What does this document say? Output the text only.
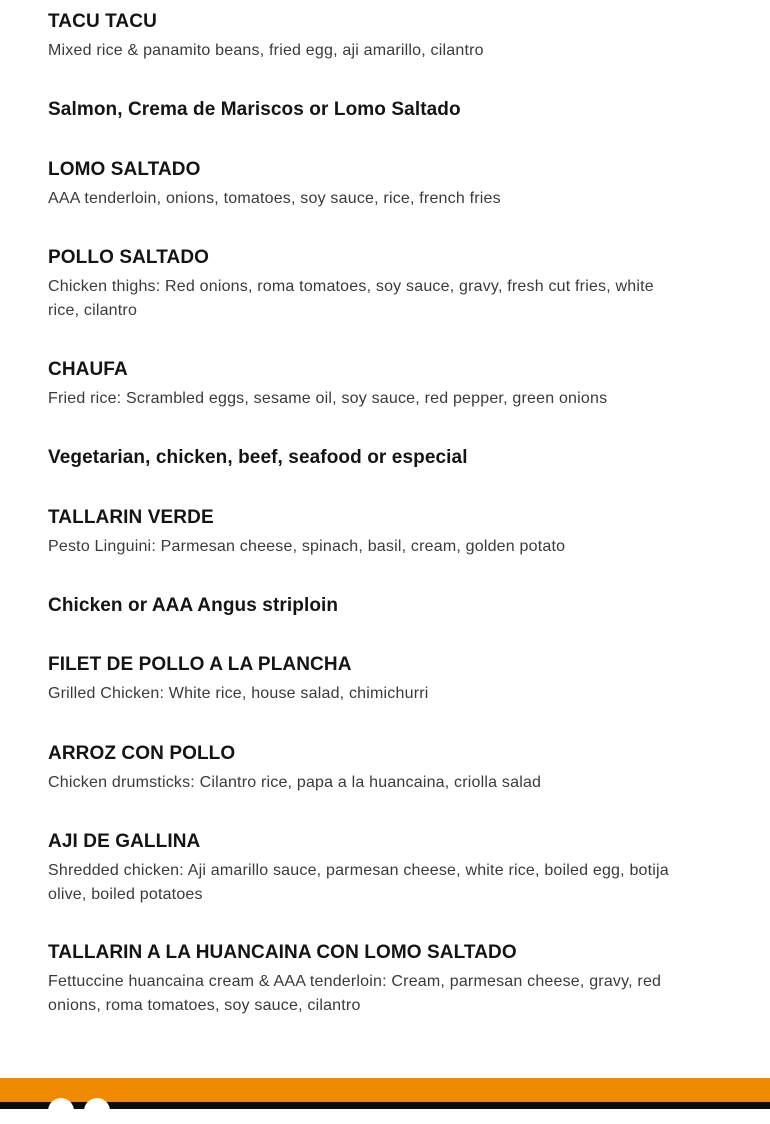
TACU TACU
Mixed rice & panamito beans, fried egg, aji amarillo, cilantro
Salmon, Crema de Mariscos or Lomo Saltado
LOMO SALTADO
AAA tenderloin, onions, tomatoes, soy sauce, rice, french fries
POLLO SALTADO
Chicken thighs: Red onions, roma tomatoes, soy sauce, gravy, fresh cut fries, white rice, cilantro
CHAUFA
Fried rice: Scrambled eggs, sesame oil, soy sauce, red pepper, green onions
Vegetarian, chicken, beef, seafood or especial
TALLARIN VERDE
Pesto Linguini: Parmesan cheese, spinach, basil, cream, golden potato
Chicken or AAA Angus striploin
FILET DE POLLO A LA PLANCHA
Grilled Chicken: White rice, house salad, chimichurri
ARROZ CON POLLO
Chicken drumsticks: Cilantro rice, papa a la huancaina, criolla salad
AJI DE GALLINA
Shredded chicken: Aji amarillo sauce, parmesan cheese, white rice, boiled egg, botija olive, boiled potatoes
TALLARIN A LA HUANCAINA CON LOMO SALTADO
Fettuccine huancaina cream & AAA tenderloin: Cream, parmesan cheese, gravy, red onions, roma tomatoes, soy sauce, cilantro
